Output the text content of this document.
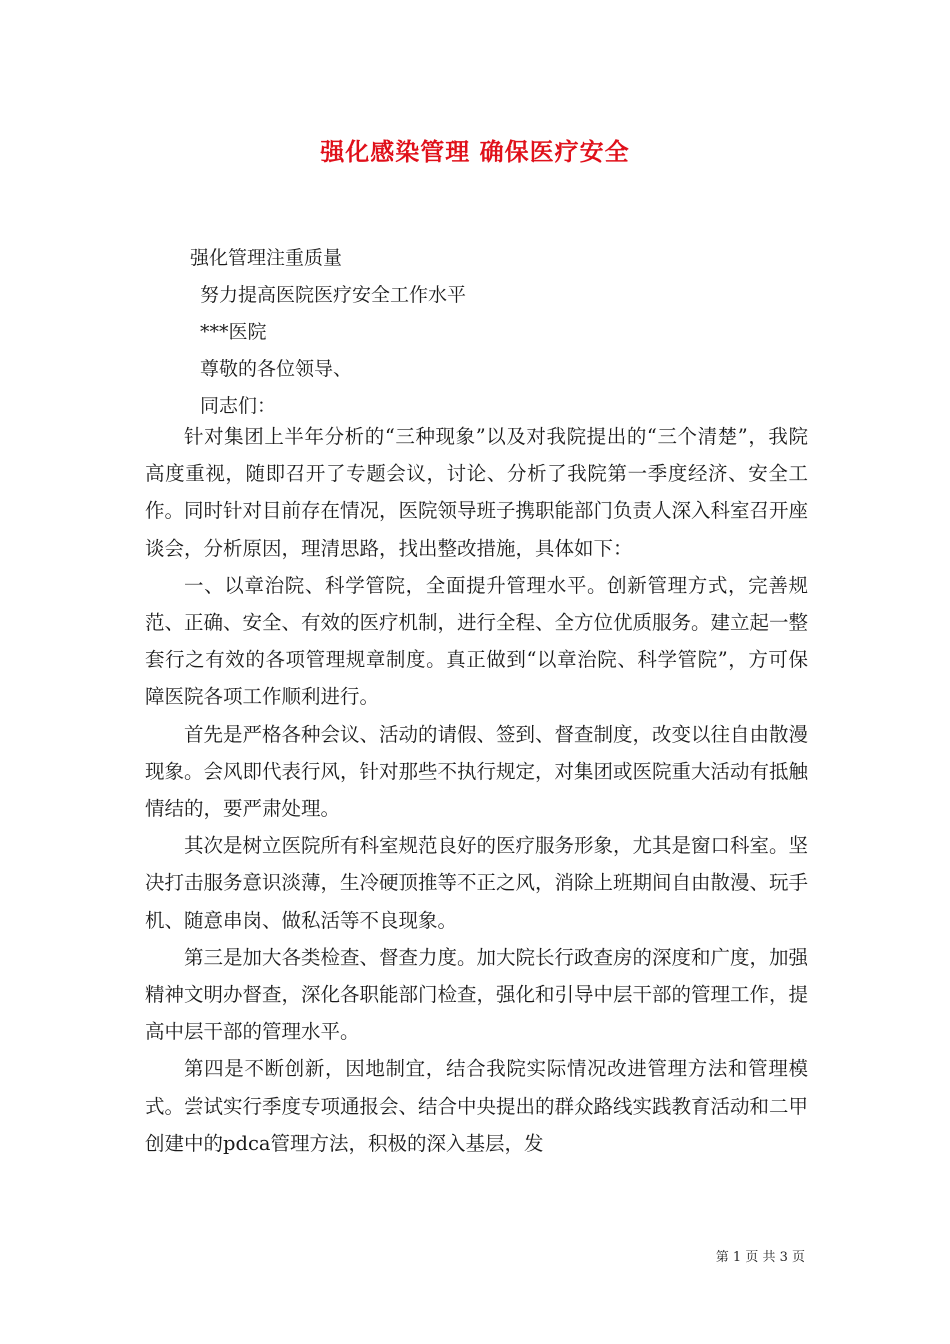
强化感染管理 确保医疗安全
强化管理注重质量
努力提高医院医疗安全工作水平
***医院
尊敬的各位领导、
同志们：

针对集团上半年分析的“三种现象”以及对我院提出的“三个清楚”，我院高度重视，随即召开了专题会议，讨论、分析了我院第一季度经济、安全工作。同时针对目前存在情况，医院领导班子携职能部门负责人深入科室召开座谈会，分析原因，理清思路，找出整改措施，具体如下：

一、以章治院、科学管院，全面提升管理水平。创新管理方式，完善规范、正确、安全、有效的医疗机制，进行全程、全方位优质服务。建立起一整套行之有效的各项管理规章制度。真正做到“以章治院、科学管院”，方可保障医院各项工作顺利进行。

首先是严格各种会议、活动的请假、签到、督查制度，改变以往自由散漫现象。会风即代表行风，针对那些不执行规定，对集团或医院重大活动有抵触情结的，要严肃处理。

其次是树立医院所有科室规范良好的医疗服务形象，尤其是窗口科室。坚决打击服务意识淡薄，生冷硬顶推等不正之风，消除上班期间自由散漫、玩手机、随意串岗、做私活等不良现象。

第三是加大各类检查、督查力度。加大院长行政查房的深度和广度，加强精神文明办督查，深化各职能部门检查，强化和引导中层干部的管理工作，提高中层干部的管理水平。

第四是不断创新，因地制宜，结合我院实际情况改进管理方法和管理模式。尝试实行季度专项通报会、结合中央提出的群众路线实践教育活动和二甲创建中的pdca管理方法，积极的深入基层，发

第 1 页 共 3 页
